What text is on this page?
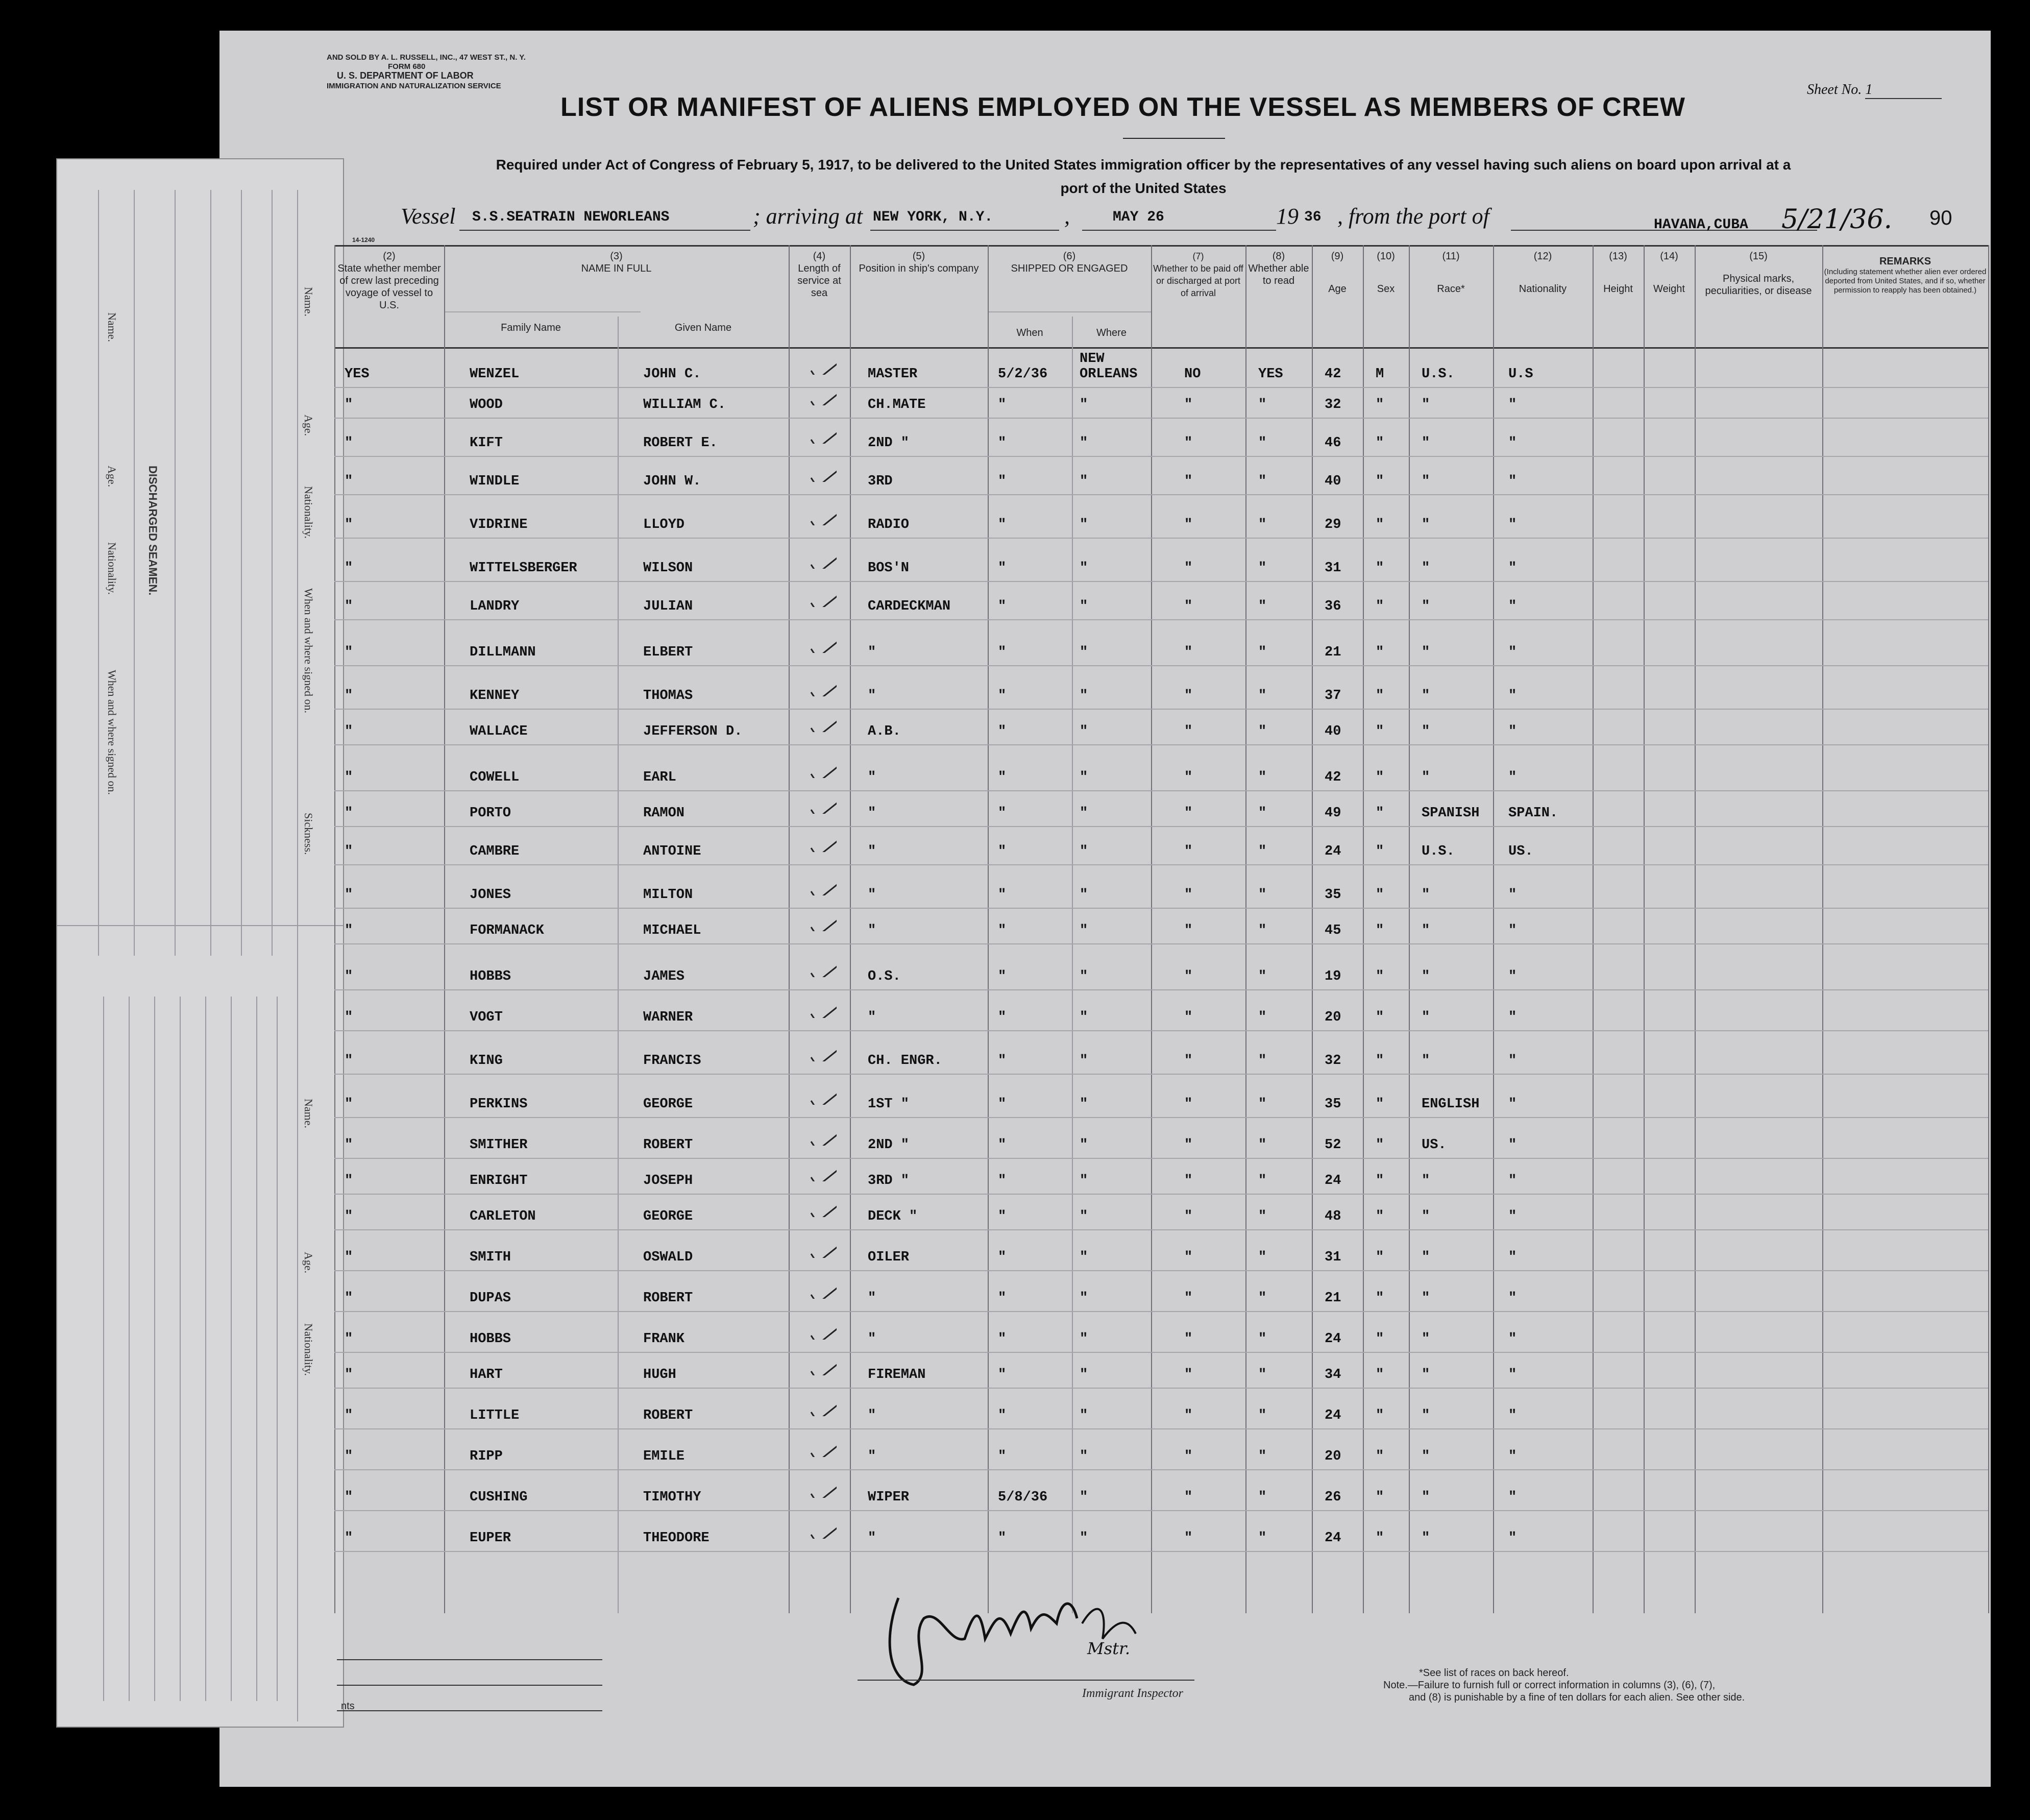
Name.
Age.
Nationality.
When and where signed on.
Sickness.
Name.
Age.
Nationality.
When and where signed on.
DISCHARGED SEAMEN.
Name.
Age.
Nationality.
AND SOLD BY A. L. RUSSELL, INC., 47 WEST ST., N. Y.
FORM 680
U. S. DEPARTMENT OF LABOR
IMMIGRATION AND NATURALIZATION SERVICE	Sheet No. 1
LIST OR MANIFEST OF ALIENS EMPLOYED ON THE VESSEL AS MEMBERS OF CREW
Required under Act of Congress of February 5, 1917, to be delivered to the United States immigration officer by the representatives of any vessel having such aliens on board upon arrival at a
port of the United States
Vessel S.S.SEATRAIN NEWORLEANS	; arriving at NEW YORK, N.Y.	,	MAY 26	19 36 , from the port of	HAVANA,CUBA 5/21/36. 90
14-1240
(2)
State whether member of crew last preceding voyage of vessel to U.S.
(3)
NAME IN FULL
Family Name	Given Name
(4)
Length of service at sea
(5)
Position in ship's company
(6)
SHIPPED OR ENGAGED
When	Where
(7)
Whether to be paid off or discharged at port of arrival
(8)
Whether able to read
(9)
Age
(10)
Sex
(11)
Race*
(12)
Nationality
(13)
Height
(14)
Weight
(15)
Physical marks, peculiarities, or disease
REMARKS
(Including statement whether alien ever ordered deported from United States, and if so, whether permission to reapply has been obtained.)
YES	WENZEL	JOHN C.	MASTER	5/2/36
NEW ORLEANS	NO	YES	42	M	U.S.	U.S
"	WOOD	WILLIAM C.	CH.MATE	"	"	"	"	32	"	"	"
"	KIFT	ROBERT E.	2ND "	"	"	"	"	46	"	"	"
"	WINDLE	JOHN W.	3RD	"	"	"	"	40	"	"	"
"	VIDRINE	LLOYD	RADIO	"	"	"	"	29	"	"	"
"	WITTELSBERGER	WILSON	BOS'N	"	"	"	"	31	"	"	"
"	LANDRY	JULIAN	CARDECKMAN	"	"	"	"	36	"	"	"
"	DILLMANN	ELBERT	"	"	"	"	"	21	"	"	"
"	KENNEY	THOMAS	"	"	"	"	"	37	"	"	"
"	WALLACE	JEFFERSON D.	A.B.	"	"	"	"	40	"	"	"
"	COWELL	EARL	"	"	"	"	"	42	"	"	"
"	PORTO	RAMON	"	"	"	"	"	49	"	SPANISH SPAIN.
"	CAMBRE	ANTOINE	"	"	"	"	"	24	"	U.S.	US.
"	JONES	MILTON	"	"	"	"	"	35	"	"	"
"	FORMANACK	MICHAEL	"	"	"	"	"	45	"	"	"
"	HOBBS	JAMES	O.S.	"	"	"	"	19	"	"	"
"	VOGT	WARNER	"	"	"	"	"	20	"	"	"
"	KING	FRANCIS	CH. ENGR.	"	"	"	"	32	"	"	"
"	PERKINS	GEORGE	1ST "	"	"	"	"	35	"	ENGLISH "
"	SMITHER	ROBERT	2ND "	"	"	"	"	52	"	US.	"
"	ENRIGHT	JOSEPH	3RD "	"	"	"	"	24	"	"	"
"	CARLETON	GEORGE	DECK "	"	"	"	"	48	"	"	"
"	SMITH	OSWALD	OILER	"	"	"	"	31	"	"	"
"	DUPAS	ROBERT	"	"	"	"	"	21	"	"	"
"	HOBBS	FRANK	"	"	"	"	"	24	"	"	"
"	HART	HUGH	FIREMAN	"	"	"	"	34	"	"	"
"	LITTLE	ROBERT	"	"	"	"	"	24	"	"	"
"	RIPP	EMILE	"	"	"	"	"	20	"	"	"
"	CUSHING	TIMOTHY	WIPER	5/8/36 "	"	"	26	"	"	"
"	EUPER	THEODORE	"	"	"	"	"	24	"	"	"
Mstr.
John Wallace
Immigrant Inspector
nts
*See list of races on back hereof.
Note.—Failure to furnish full or correct information in columns (3), (6), (7),
and (8) is punishable by a fine of ten dollars for each alien. See other side.
